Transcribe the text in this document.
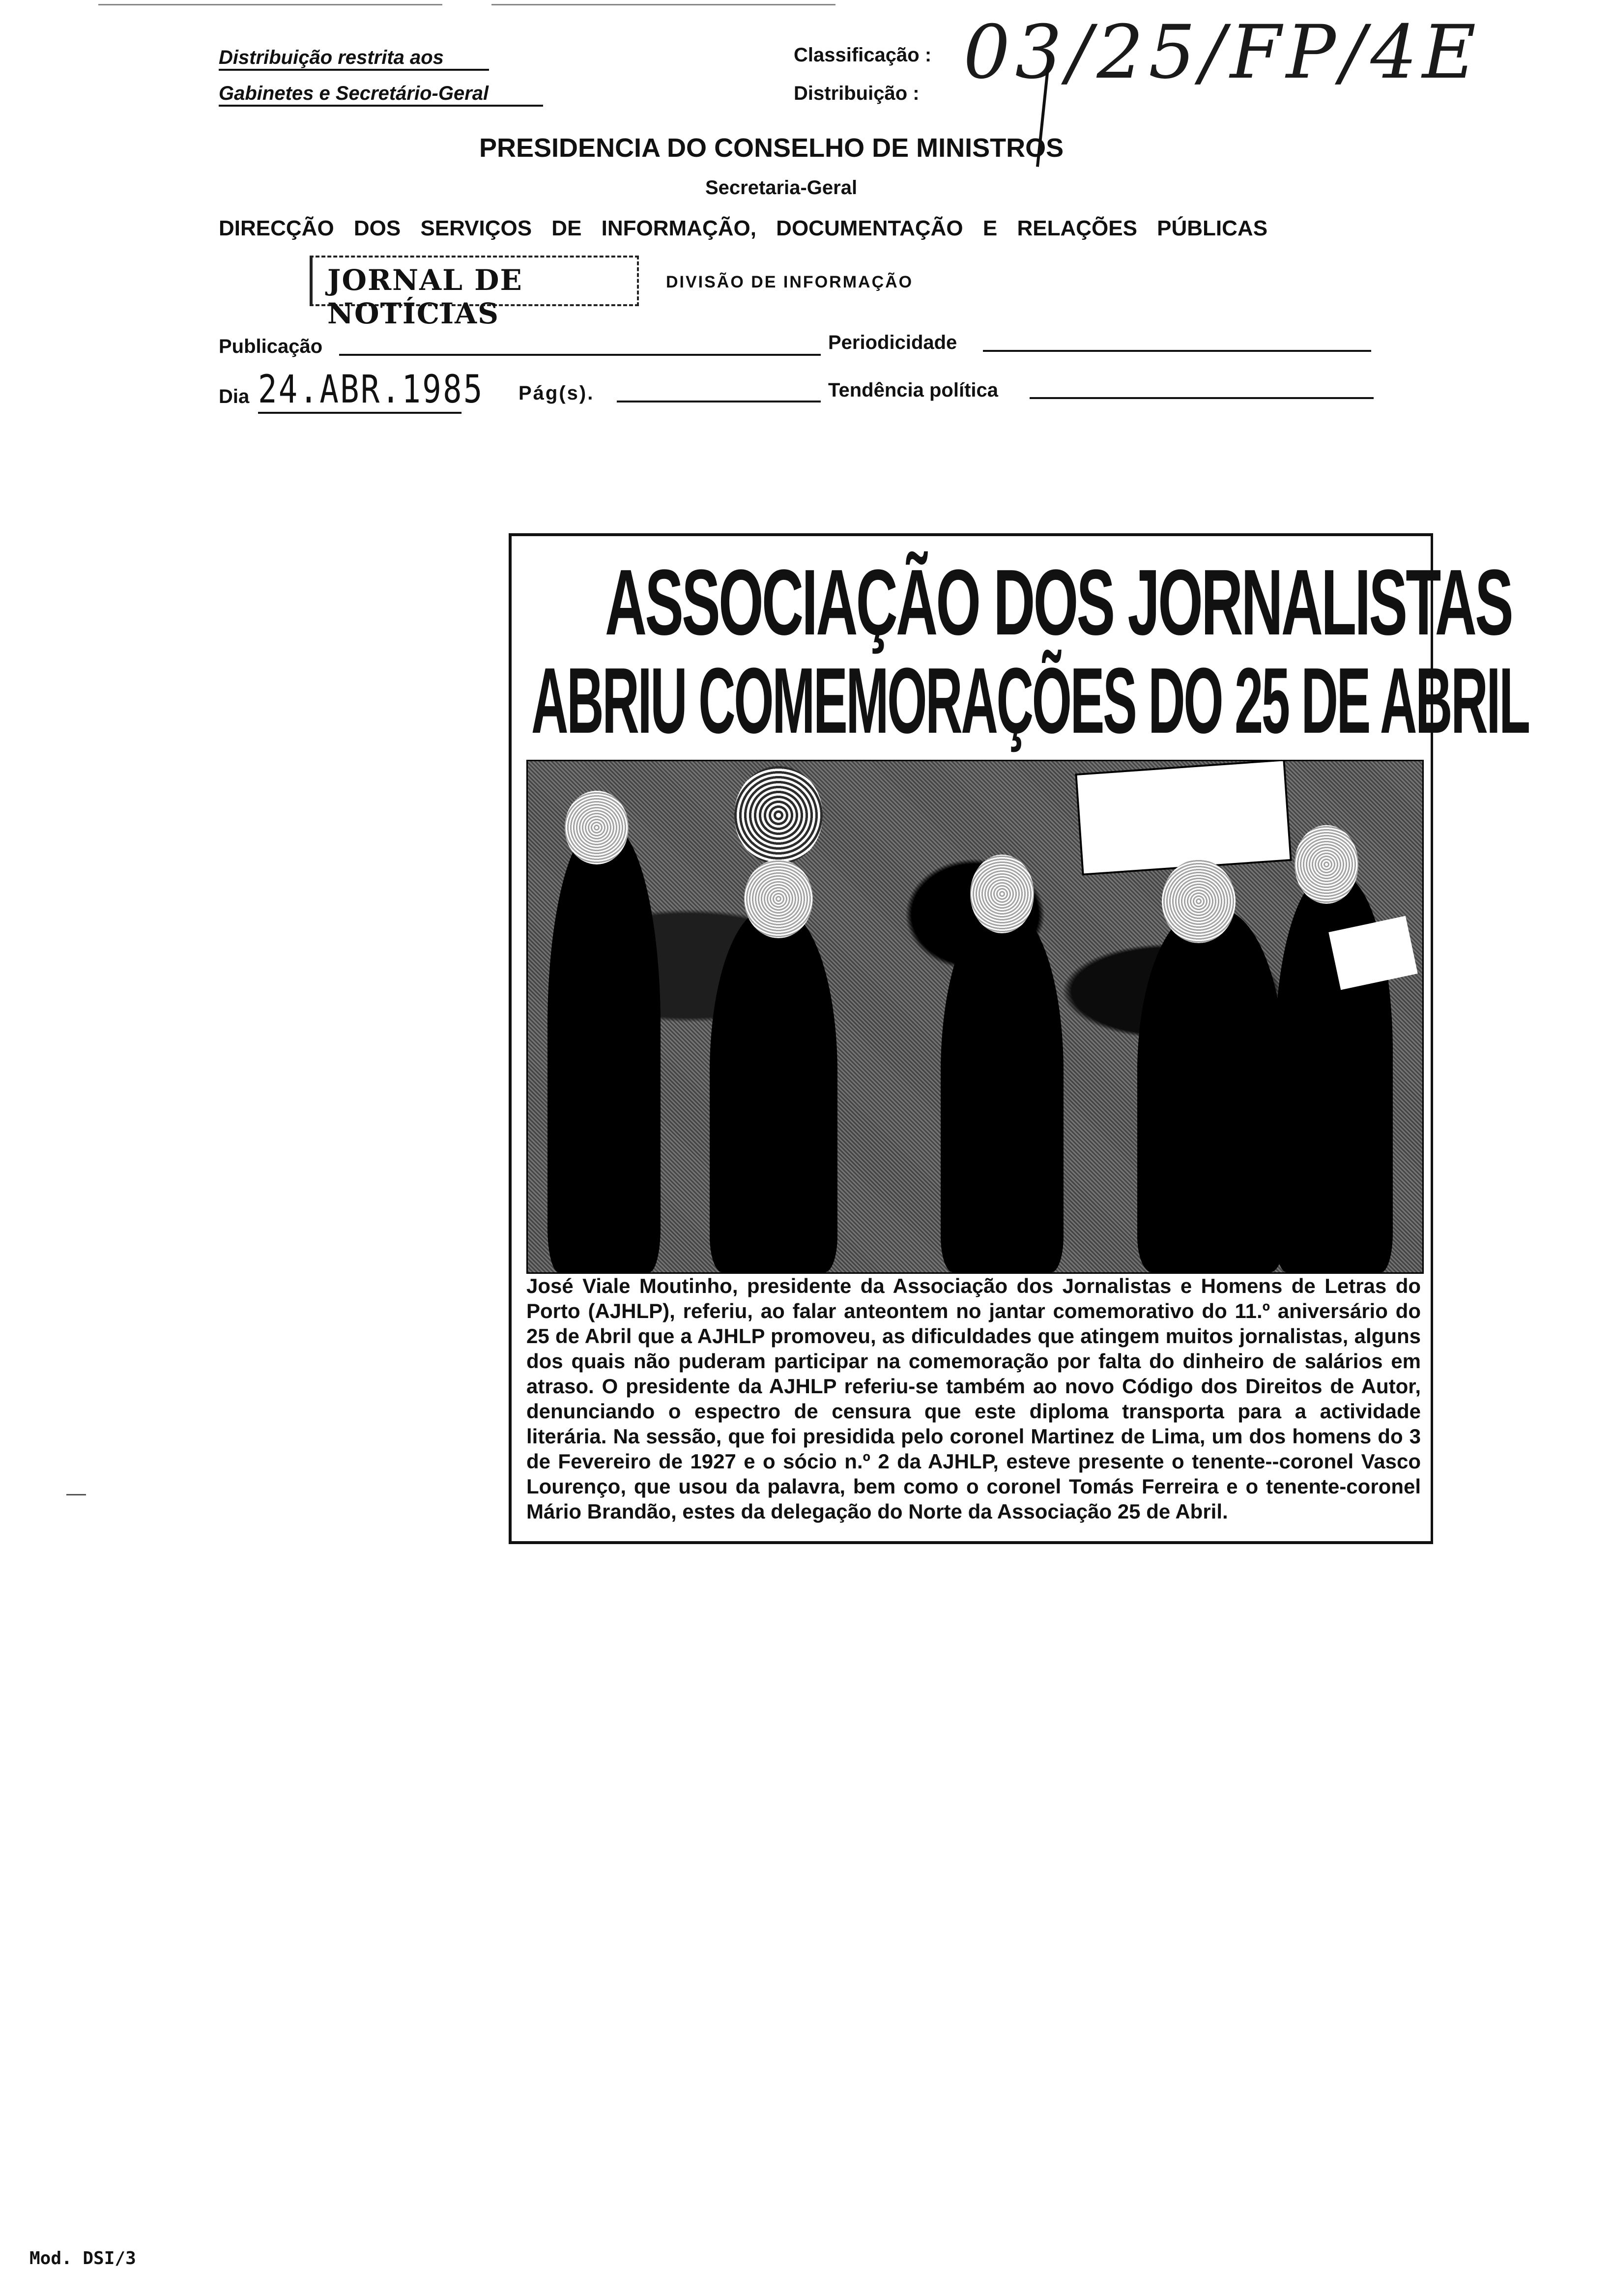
Distribuição restrita aos
Gabinetes e Secretário-Geral
Classificação :
Distribuição : 03/25/FP/4E
PRESIDENCIA DO CONSELHO DE MINISTROS
Secretaria-Geral
DIRECÇÃO DOS SERVIÇOS DE INFORMAÇÃO, DOCUMENTAÇÃO E RELAÇÕES PÚBLICAS
JORNAL DE NOTÍCIAS
DIVISÃO DE INFORMAÇÃO
Publicação	Periodicidade
Dia 24.ABR.1985 Pág(s).	Tendência política
ASSOCIAÇÃO DOS JORNALISTAS
ABRIU COMEMORAÇÕES DO 25 DE ABRIL
José Viale Moutinho, presidente da Associação dos Jornalistas e Homens de Letras do Porto (AJHLP), referiu, ao falar anteontem no jantar comemorativo do 11.º aniversário do 25 de Abril que a AJHLP promoveu, as dificuldades que atingem muitos jornalistas, alguns dos quais não puderam participar na comemoração por falta do dinheiro de salários em atraso. O presidente da AJHLP referiu-se também ao novo Código dos Direitos de Autor, denunciando o espectro de censura que este diploma transporta para a actividade literária. Na sessão, que foi presidida pelo coronel Martinez de Lima, um dos homens do 3 de Fevereiro de 1927 e o sócio n.º 2 da AJHLP, esteve presente o tenente--coronel Vasco Lourenço, que usou da palavra, bem como o coronel Tomás Ferreira e o tenente-coronel Mário Brandão, estes da delegação do Norte da Associação 25 de Abril.
Mod. DSI/3
